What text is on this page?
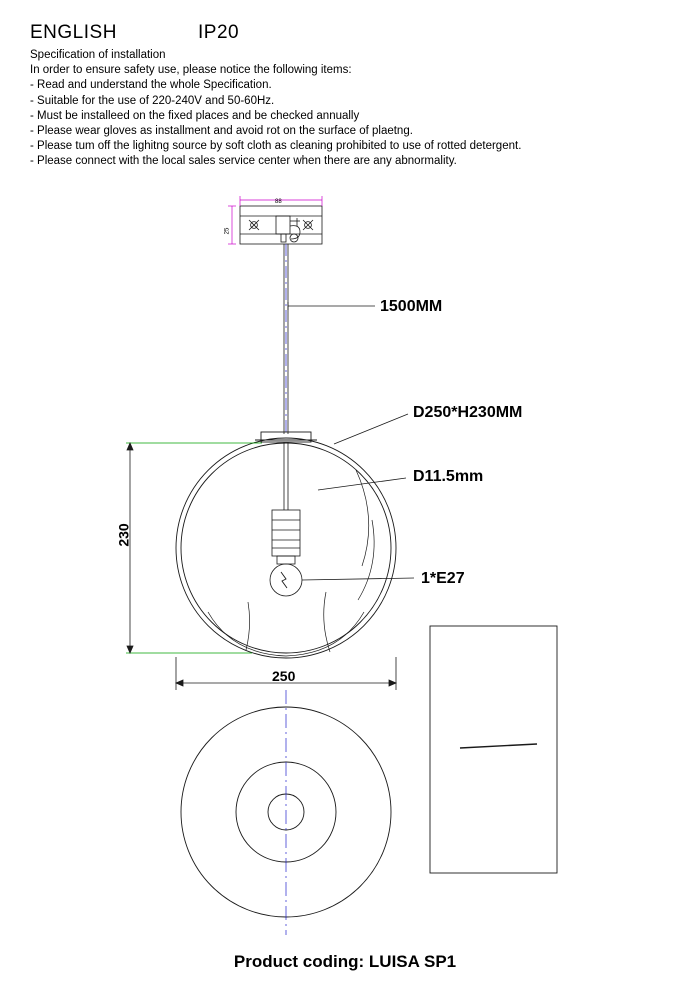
ENGLISH	IP20
Specification of installation
In order to ensure safety use, please notice the following items:
- Read and understand the whole Specification.
- Suitable for the use of 220-240V and 50-60Hz.
- Must be installeed on the fixed places and be checked annually
- Please wear gloves as installment and avoid rot on the surface of plaetng.
- Please tum off the lighitng source by soft cloth as cleaning prohibited to use of rotted detergent.
- Please connect with the local sales service center when there are any abnormality.
1500MM
D250*H230MM
D11.5mm
1*E27
250
230
88
25
Product coding: LUISA SP1
